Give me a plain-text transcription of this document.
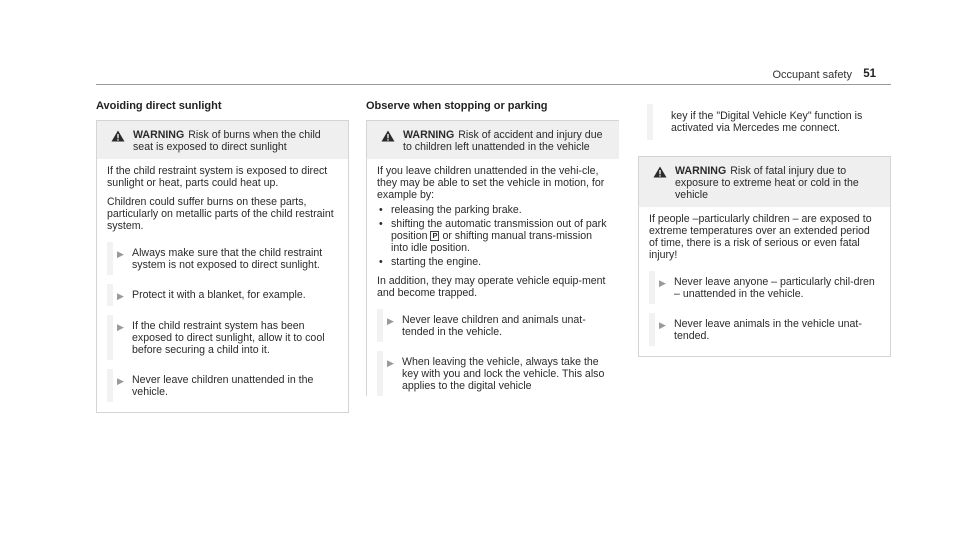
Occupant safety 51
Avoiding direct sunlight
WARNING Risk of burns when the child seat is exposed to direct sunlight

If the child restraint system is exposed to direct sunlight or heat, parts could heat up.

Children could suffer burns on these parts, particularly on metallic parts of the child restraint system.

▶ Always make sure that the child restraint system is not exposed to direct sunlight.
▶ Protect it with a blanket, for example.
▶ If the child restraint system has been exposed to direct sunlight, allow it to cool before securing a child into it.
▶ Never leave children unattended in the vehicle.
Observe when stopping or parking
WARNING Risk of accident and injury due to children left unattended in the vehicle

If you leave children unattended in the vehi-cle, they may be able to set the vehicle in motion, for example by:

• releasing the parking brake.
• shifting the automatic transmission out of park position P or shifting manual trans-mission into idle position.
• starting the engine.

In addition, they may operate vehicle equip-ment and become trapped.

▶ Never leave children and animals unat-tended in the vehicle.
▶ When leaving the vehicle, always take the key with you and lock the vehicle. This also applies to the digital vehicle
key if the "Digital Vehicle Key" function is activated via Mercedes me connect.
WARNING Risk of fatal injury due to exposure to extreme heat or cold in the vehicle

If people –particularly children – are exposed to extreme temperatures over an extended period of time, there is a risk of serious or even fatal injury!

▶ Never leave anyone – particularly chil-dren – unattended in the vehicle.
▶ Never leave animals in the vehicle unat-tended.
